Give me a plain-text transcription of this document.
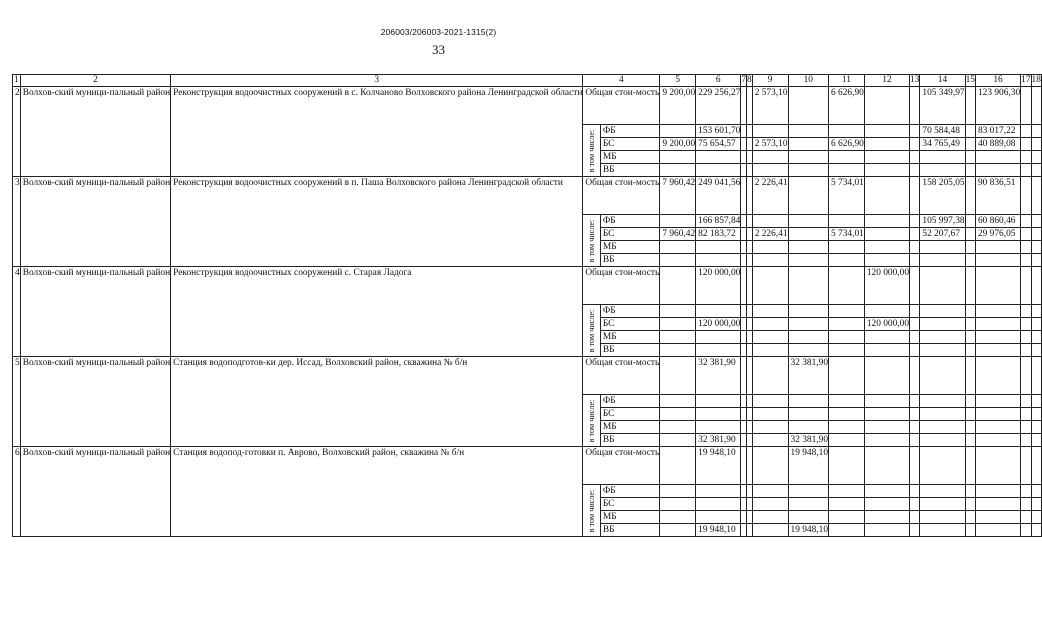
206003/206003-2021-1315(2)
33
1	2	3	4		5	6	7	8	9	10	11	12	13	14	15	16	17	18
2	Волхов-ский муници-пальный район	Реконструкция водоочистных сооружений в с. Колчаново Волховского района Ленинградской области	Общая стои-мость		9 200,00	229 256,27			2 573,10		6 626,90			105 349,97		123 906,30		

			в том числе:	ФБ		153 601,70								70 584,48		83 017,22		
				БС	9 200,00	75 654,57			2 573,10		6 626,90			34 765,49		40 889,08		
				МБ														
				ВБ														
3	Волхов-ский муници-пальный район	Реконструкция водоочистных сооружений в п. Паша Волховского района Ленинградской области	Общая стои-мость		7 960,42	249 041,56			2 226,41		5 734,01			158 205,05		90 836,51		

			в том числе:	ФБ		166 857,84								105 997,38		60 860,46		
				БС	7 960,42	82 183,72			2 226,41		5 734,01			52 207,67		29 976,05		
				МБ														
				ВБ														
4	Волхов-ский муници-пальный район	Реконструкция водоочистных сооружений с. Старая Ладога	Общая стои-мость			120 000,00						120 000,00						

			в том числе:	ФБ														
				БС		120 000,00						120 000,00						
				МБ														
				ВБ														
5	Волхов-ский муници-пальный район	Станция водоподготов-ки дер. Иссад, Волховский район, скважина № б/н	Общая стои-мость			32 381,90				32 381,90								

			в том числе:	ФБ														
				БС														
				МБ														
				ВБ		32 381,90				32 381,90								
6	Волхов-ский муници-пальный район	Станция водопод-готовки п. Аврово, Волховский район, скважина № б/н	Общая стои-мость			19 948,10				19 948,10								

			в том числе:	ФБ														
				БС														
				МБ														
				ВБ		19 948,10				19 948,10								
